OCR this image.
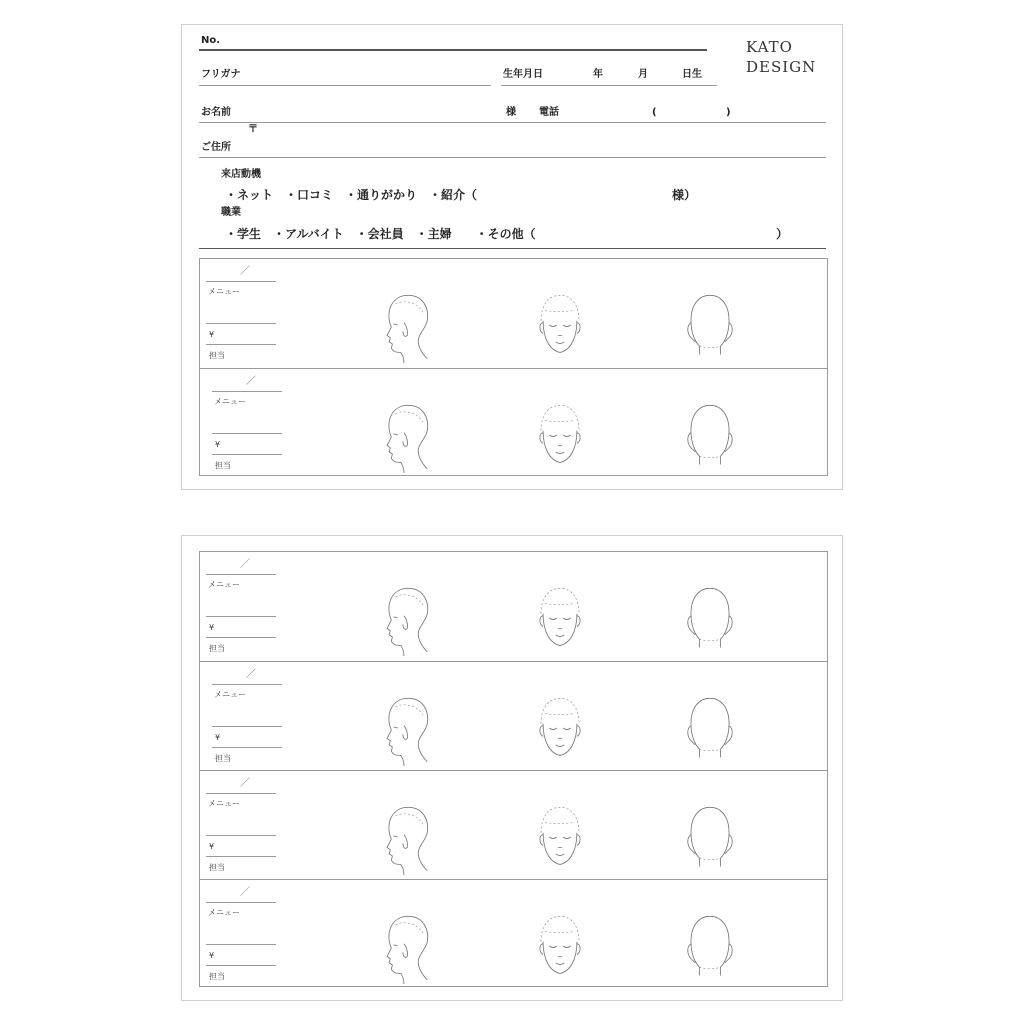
No.	KATO
DESIGN
フリガナ	生年月日	年	月	日生
お名前	様 電話	(	)
〒
ご住所
来店動機
・ネット　・口コミ　・通りがかり　・紹介（	様）
職業
・学生　・アルバイト　・会社員　・主婦　　・その他（	）
／
メニュー
¥
担当
／
メニュー
¥
担当
／
メニュー
¥
担当
／
メニュー
¥
担当
／
メニュー
¥
担当
／
メニュー
¥
担当
